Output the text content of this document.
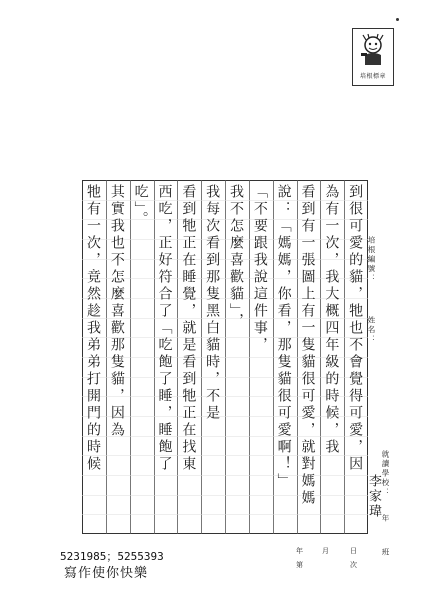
培根標章
到很可愛的貓，牠也不會覺得可愛，因
為有一次，我大概四年級的時候，我
看到有一張圖上有一隻貓很可愛，就對媽媽
說：「媽媽，你看，那隻貓很可愛啊！」
「不要跟我說這件事，
我不怎麼喜歡貓」，
我每次看到那隻黑白貓時，不是
看到牠正在睡覺，就是看到牠正在找東
西吃，正好符合了「吃飽了睡，睡飽了
吃」。
其實我也不怎麼喜歡那隻貓，因為
牠有一次，竟然趁我弟弟打開門的時候	培根編號：
姓名：
李家瑋 就讀學校：
年
班
5231985；5255393
寫作使你快樂
年	月	日
第	次
